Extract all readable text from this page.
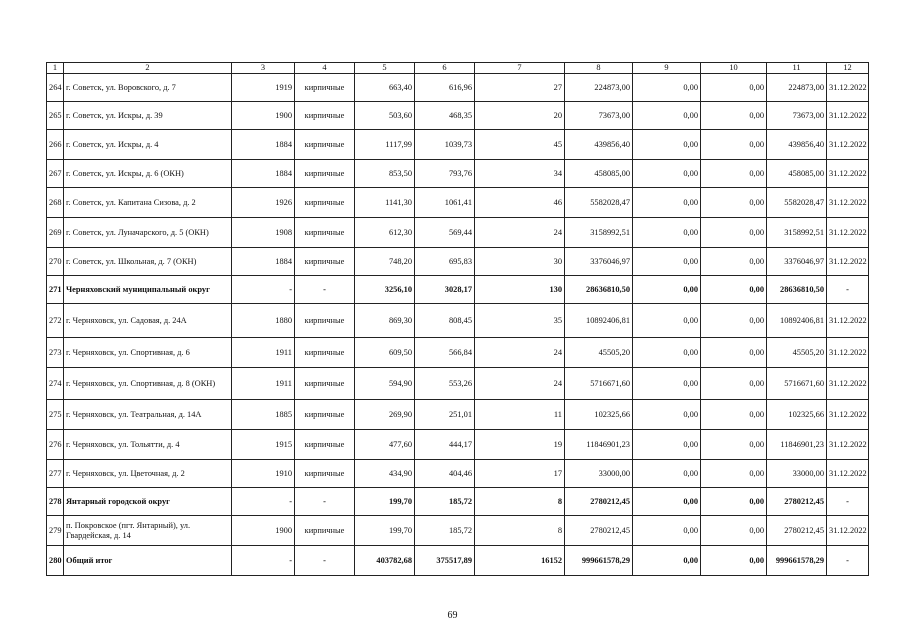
1	2	3	4	5	6	7	8	9	10	11	12
264	г. Советск, ул. Воровского, д. 7	1919	кирпичные	663,40	616,96	27	224873,00	0,00	0,00	224873,00	31.12.2022
265	г. Советск, ул. Искры, д. 39	1900	кирпичные	503,60	468,35	20	73673,00	0,00	0,00	73673,00	31.12.2022
266	г. Советск, ул. Искры, д. 4	1884	кирпичные	1117,99	1039,73	45	439856,40	0,00	0,00	439856,40	31.12.2022
267	г. Советск, ул. Искры, д. 6 (ОКН)	1884	кирпичные	853,50	793,76	34	458085,00	0,00	0,00	458085,00	31.12.2022
268	г. Советск, ул. Капитана Сизова, д. 2	1926	кирпичные	1141,30	1061,41	46	5582028,47	0,00	0,00	5582028,47	31.12.2022
269	г. Советск, ул. Луначарского, д. 5 (ОКН)	1908	кирпичные	612,30	569,44	24	3158992,51	0,00	0,00	3158992,51	31.12.2022
270	г. Советск, ул. Школьная, д. 7 (ОКН)	1884	кирпичные	748,20	695,83	30	3376046,97	0,00	0,00	3376046,97	31.12.2022
271	Черняховский муниципальный округ	-	-	3256,10	3028,17	130	28636810,50	0,00	0,00	28636810,50	-
272	г. Черняховск, ул. Садовая, д. 24А	1880	кирпичные	869,30	808,45	35	10892406,81	0,00	0,00	10892406,81	31.12.2022
273	г. Черняховск, ул. Спортивная, д. 6	1911	кирпичные	609,50	566,84	24	45505,20	0,00	0,00	45505,20	31.12.2022
274	г. Черняховск, ул. Спортивная, д. 8 (ОКН)	1911	кирпичные	594,90	553,26	24	5716671,60	0,00	0,00	5716671,60	31.12.2022
275	г. Черняховск, ул. Театральная, д. 14А	1885	кирпичные	269,90	251,01	11	102325,66	0,00	0,00	102325,66	31.12.2022
276	г. Черняховск, ул. Тольятти, д. 4	1915	кирпичные	477,60	444,17	19	11846901,23	0,00	0,00	11846901,23	31.12.2022
277	г. Черняховск, ул. Цветочная, д. 2	1910	кирпичные	434,90	404,46	17	33000,00	0,00	0,00	33000,00	31.12.2022
278	Янтарный городской округ	-	-	199,70	185,72	8	2780212,45	0,00	0,00	2780212,45	-
279	п. Покровское (пгт. Янтарный), ул. Гвардейская, д. 14	1900	кирпичные	199,70	185,72	8	2780212,45	0,00	0,00	2780212,45	31.12.2022
280	Общий итог	-	-	403782,68	375517,89	16152	999661578,29	0,00	0,00	999661578,29	-
69
